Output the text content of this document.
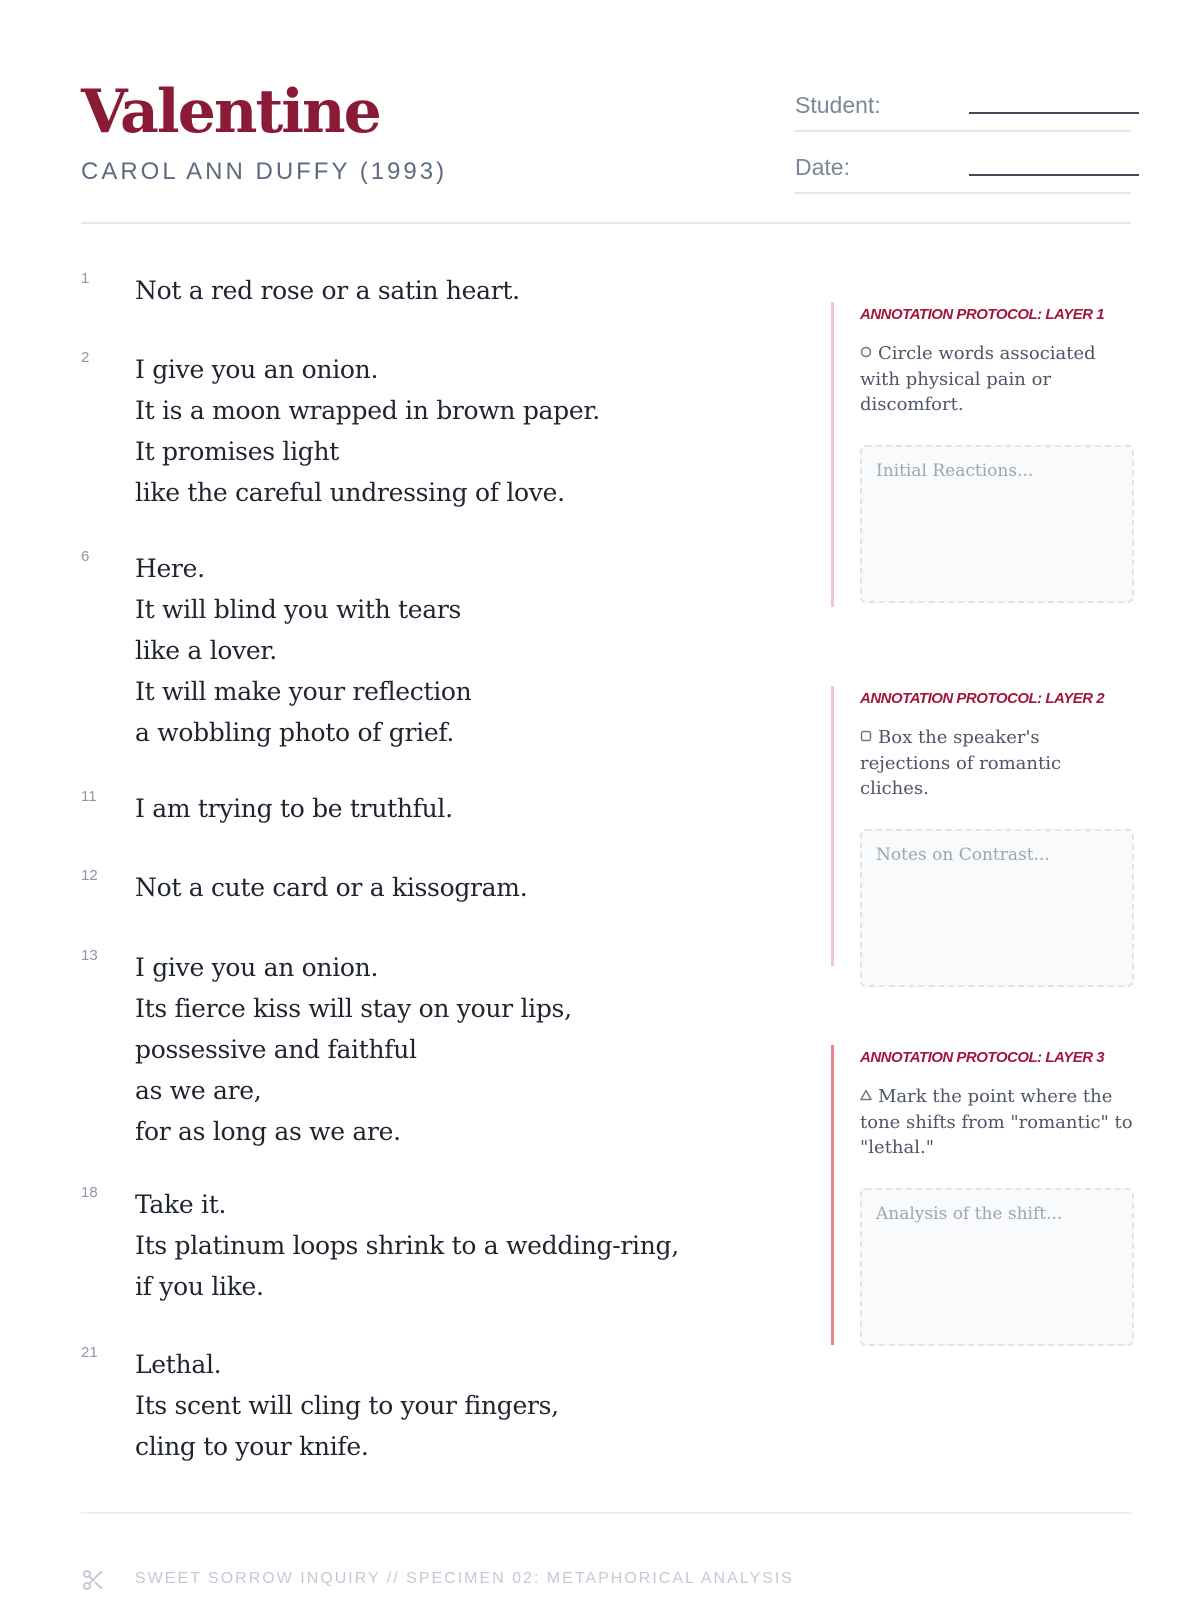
Valentine
CAROL ANN DUFFY (1993)
Student:
Date:
1 Not a red rose or a satin heart.
2 I give you an onion.
It is a moon wrapped in brown paper.
It promises light
like the careful undressing of love.
6 Here.
It will blind you with tears
like a lover.
It will make your reflection
a wobbling photo of grief.
11 I am trying to be truthful.
12 Not a cute card or a kissogram.
13 I give you an onion.
Its fierce kiss will stay on your lips,
possessive and faithful
as we are,
for as long as we are.
18 Take it.
Its platinum loops shrink to a wedding-ring,
if you like.
21 Lethal.
Its scent will cling to your fingers,
cling to your knife.
ANNOTATION PROTOCOL: LAYER 1
Circle words associated with physical pain or discomfort.
Initial Reactions...
ANNOTATION PROTOCOL: LAYER 2
Box the speaker's rejections of romantic cliches.
Notes on Contrast...
ANNOTATION PROTOCOL: LAYER 3
Mark the point where the tone shifts from "romantic" to "lethal."
Analysis of the shift...
SWEET SORROW INQUIRY // SPECIMEN 02: METAPHORICAL ANALYSIS
